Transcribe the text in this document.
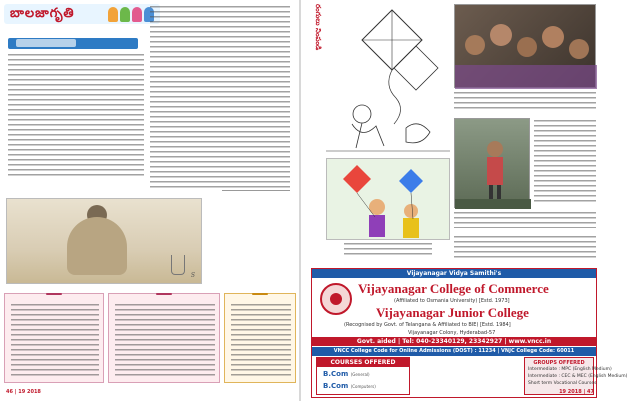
బాలజాగృతి
S
46 | 19 2018
రంగులు నింపండి
Vijayanagar Vidya Samithi's
Vijayanagar College of Commerce
(Affiliated to Osmania University) [Estd. 1973]
Vijayanagar Junior College
(Recognised by Govt. of Telangana & Affiliated to BIE) [Estd. 1984]
Vijayanagar Colony, Hyderabad-57
Govt. aided | Tel: 040-23340129, 23342927 | www.vncc.in
VNCC College Code for Online Admissions (DOST) : 11234 | VNJC College Code: 60011
COURSES OFFERED
B.Com (General)
B.Com (Computers)
GROUPS OFFERED
Intermediate : MPC (English Medium)
Intermediate : CEC & MEC (English Medium)
Short term Vocational Courses
19 2018 | 47
